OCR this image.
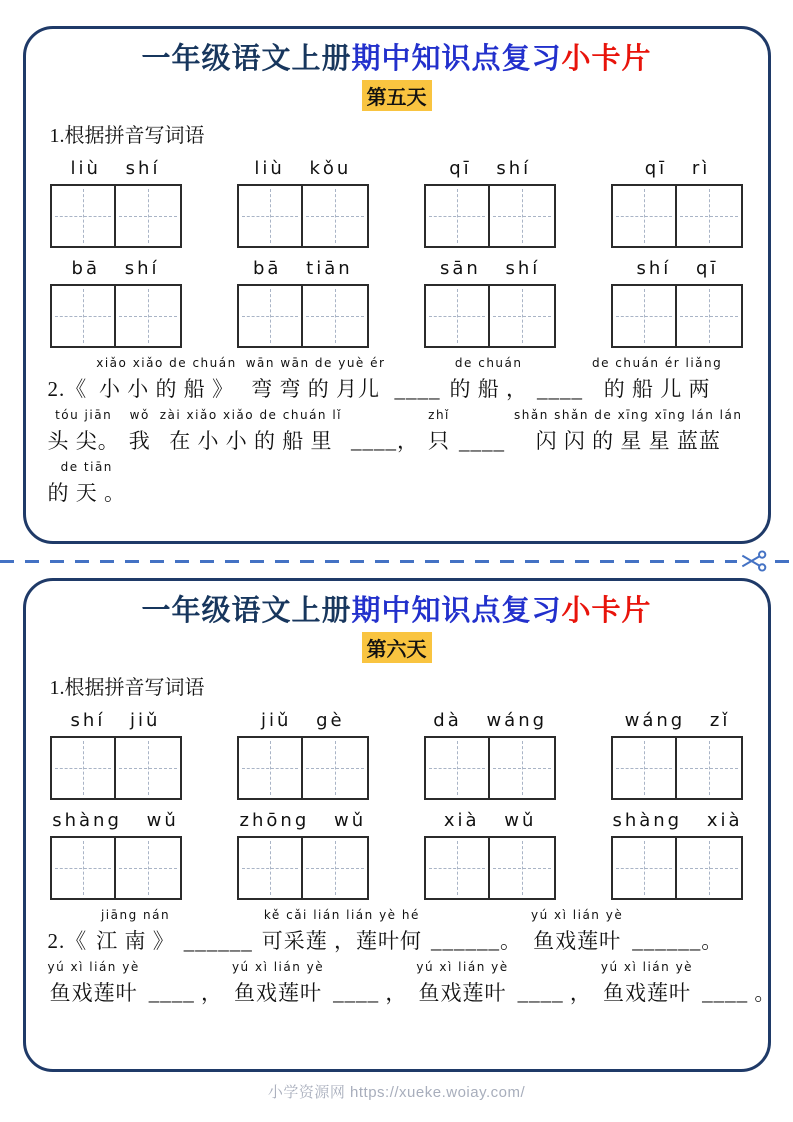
一年级语文上册期中知识点复习小卡片
第五天
1.根据拼音写词语
liù shí	liù kǒu	qī shí	qī rì
bā shí	bā tiān	sān shí	shí qī
2.《
xiǎo xiǎo de chuán
小 小 的 船 》
wān wān de yuè ér
弯 弯 的 月儿 ____
de chuán
的 船 ， ____
de chuán ér liǎng
的 船 儿 两
tóu jiān
头 尖。
wǒ
我
zài xiǎo xiǎo de chuán lǐ
在 小 小 的 船 里 ____，
zhǐ
只 ____
shǎn shǎn de xīng xīng lán lán
闪 闪 的 星 星 蓝蓝
de tiān
的 天 。
一年级语文上册期中知识点复习小卡片
第六天
1.根据拼音写词语
shí jiǔ	jiǔ gè	dà wáng	wáng zǐ
shàng wǔ	zhōng wǔ	xià wǔ	shàng xià
2.《
jiāng nán
江 南 》 ______
kě cǎi lián lián yè hé
可采莲 ，莲叶何 ______。
yú xì lián yè
鱼戏莲叶 ______。
yú xì lián yè
鱼戏莲叶 ____ ，
yú xì lián yè
鱼戏莲叶 ____ ，
yú xì lián yè
鱼戏莲叶 ____ ，
yú xì lián yè
鱼戏莲叶 ____ 。
小学资源网 https://xueke.woiay.com/
